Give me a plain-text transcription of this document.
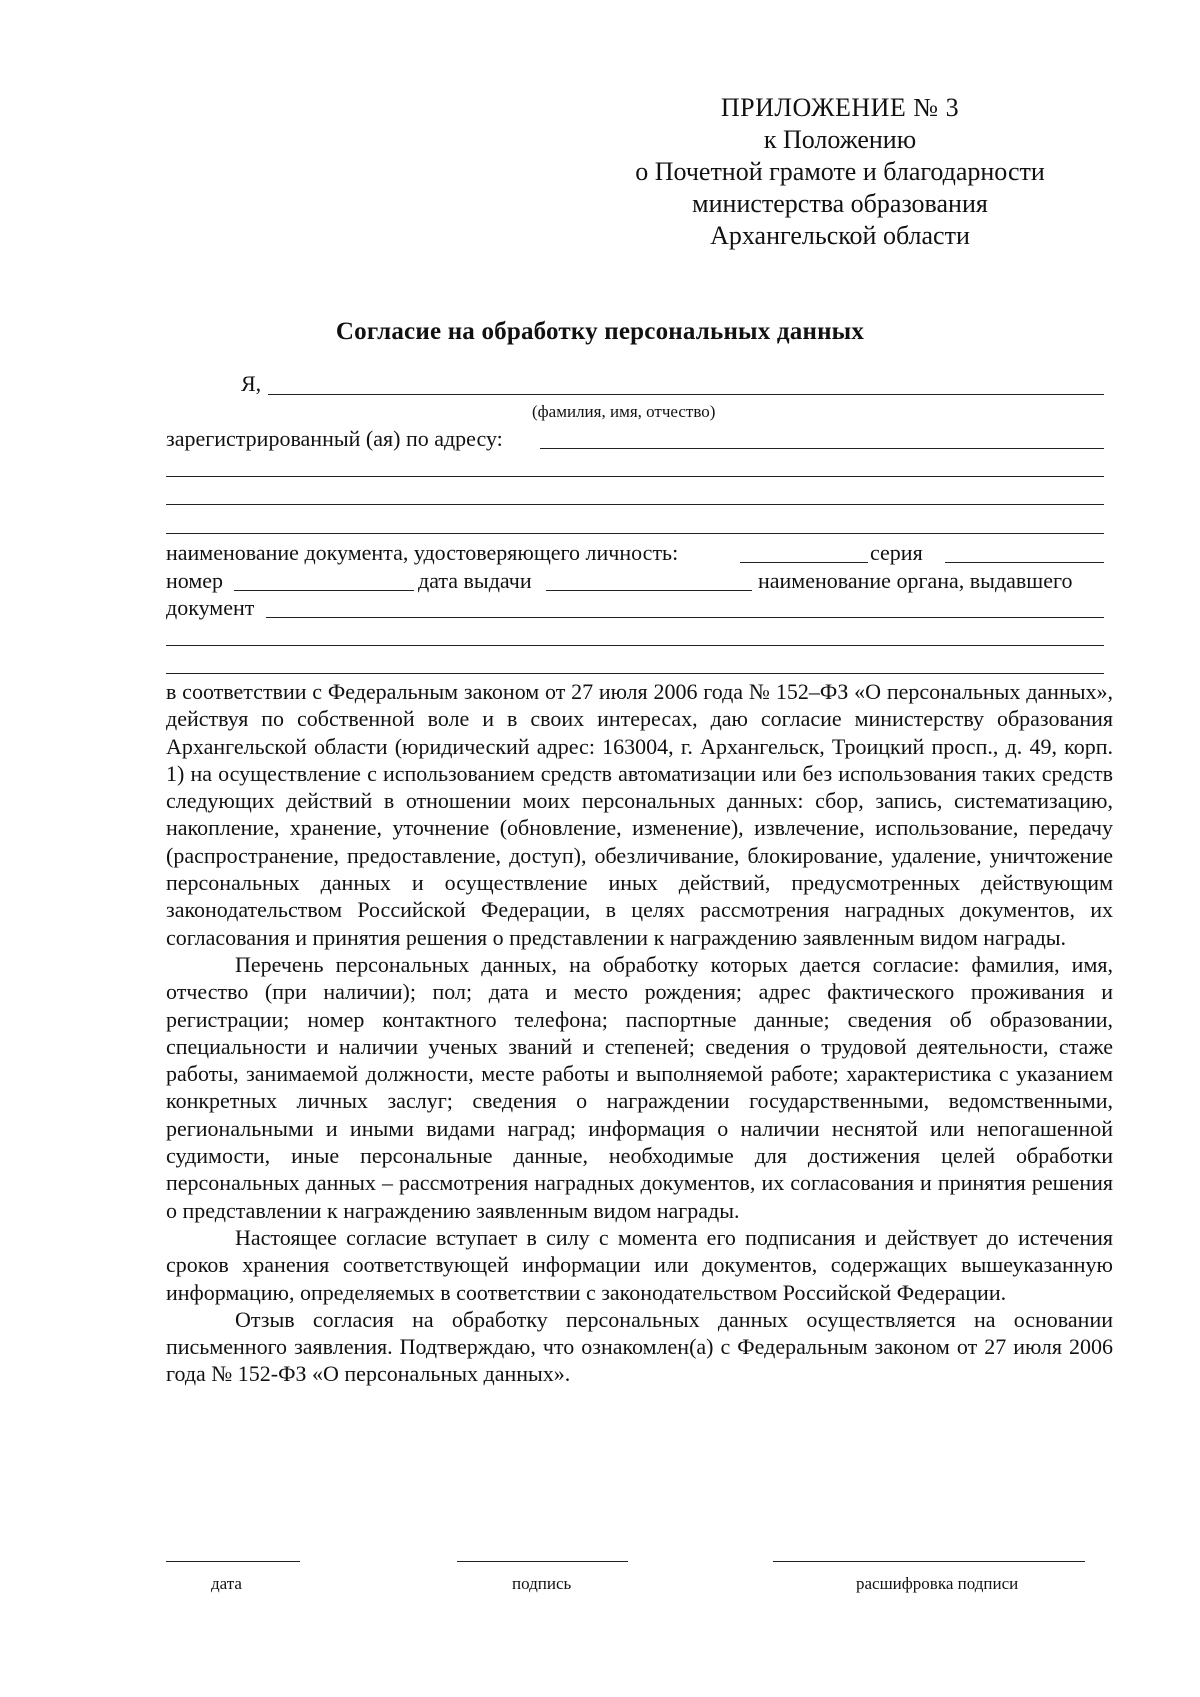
ПРИЛОЖЕНИЕ № 3
к Положению
о Почетной грамоте и благодарности
министерства образования
Архангельской области
Согласие на обработку персональных данных
Я,
(фамилия, имя, отчество)
зарегистрированный (ая) по адресу:
наименование документа, удостоверяющего личность:	серия
номер	дата выдачи	наименование органа, выдавшего
документ

в соответствии с Федеральным законом от 27 июля 2006 года № 152–ФЗ «О персональных данных», действуя по собственной воле и в своих интересах, даю согласие министерству образования Архангельской области (юридический адрес: 163004, г. Архангельск, Троицкий просп., д. 49, корп. 1) на осуществление с использованием средств автоматизации или без использования таких средств следующих действий в отношении моих персональных данных: сбор, запись, систематизацию, накопление, хранение, уточнение (обновление, изменение), извлечение, использование, передачу (распространение, предоставление, доступ), обезличивание, блокирование, удаление, уничтожение персональных данных и осуществление иных действий, предусмотренных действующим законодательством Российской Федерации, в целях рассмотрения наградных документов, их согласования и принятия решения о представлении к награждению заявленным видом награды.

Перечень персональных данных, на обработку которых дается согласие: фамилия, имя, отчество (при наличии); пол; дата и место рождения; адрес фактического проживания и регистрации; номер контактного телефона; паспортные данные; сведения об образовании, специальности и наличии ученых званий и степеней; сведения о трудовой деятельности, стаже работы, занимаемой должности, месте работы и выполняемой работе; характеристика с указанием конкретных личных заслуг; сведения о награждении государственными, ведомственными, региональными и иными видами наград; информация о наличии неснятой или непогашенной судимости, иные персональные данные, необходимые для достижения целей обработки персональных данных – рассмотрения наградных документов, их согласования и принятия решения о представлении к награждению заявленным видом награды.

Настоящее согласие вступает в силу с момента его подписания и действует до истечения сроков хранения соответствующей информации или документов, содержащих вышеуказанную информацию, определяемых в соответствии с законодательством Российской Федерации.

Отзыв согласия на обработку персональных данных осуществляется на основании письменного заявления. Подтверждаю, что ознакомлен(а) с Федеральным законом от 27 июля 2006 года № 152-ФЗ «О персональных данных».

дата	подпись	расшифровка подписи
